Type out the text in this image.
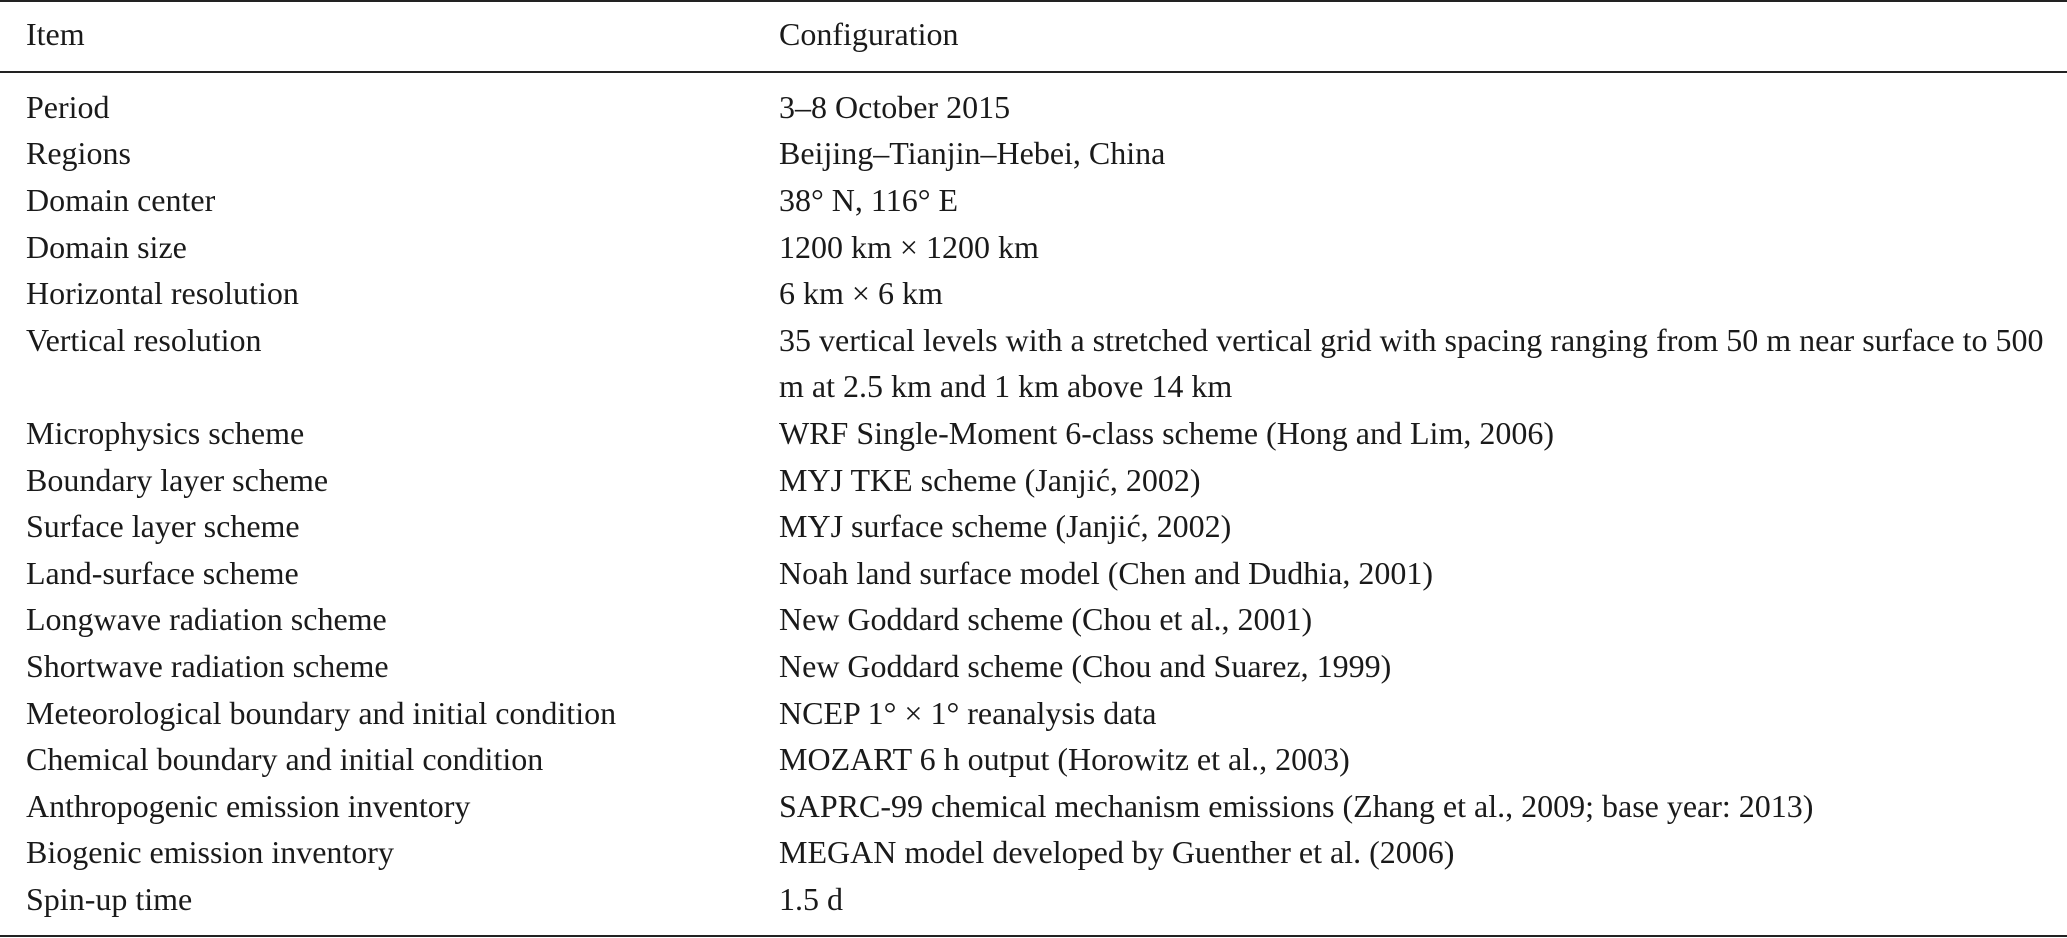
Item	Configuration
Period	3–8 October 2015
Regions	Beijing–Tianjin–Hebei, China
Domain center	38° N, 116° E
Domain size	1200 km × 1200 km
Horizontal resolution	6 km × 6 km
Vertical resolution	35 vertical levels with a stretched vertical grid with spacing ranging from 50 m near surface to 500 m at 2.5 km and 1 km above 14 km
Microphysics scheme	WRF Single-Moment 6-class scheme (Hong and Lim, 2006)
Boundary layer scheme	MYJ TKE scheme (Janjić, 2002)
Surface layer scheme	MYJ surface scheme (Janjić, 2002)
Land-surface scheme	Noah land surface model (Chen and Dudhia, 2001)
Longwave radiation scheme	New Goddard scheme (Chou et al., 2001)
Shortwave radiation scheme	New Goddard scheme (Chou and Suarez, 1999)
Meteorological boundary and initial condition	NCEP 1° × 1° reanalysis data
Chemical boundary and initial condition	MOZART 6 h output (Horowitz et al., 2003)
Anthropogenic emission inventory	SAPRC-99 chemical mechanism emissions (Zhang et al., 2009; base year: 2013)
Biogenic emission inventory	MEGAN model developed by Guenther et al. (2006)
Spin-up time	1.5 d
